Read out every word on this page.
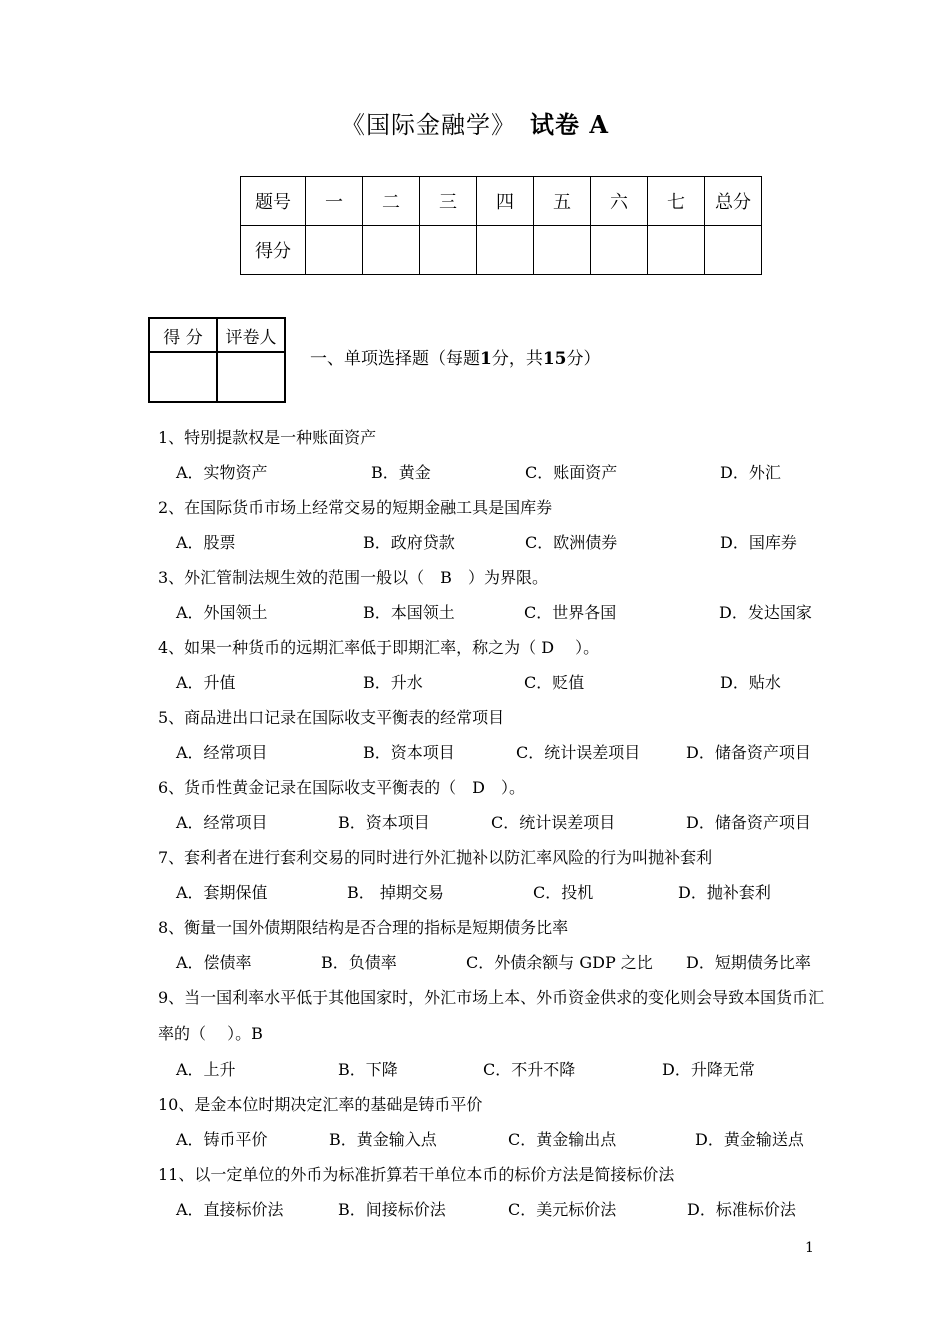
《国际金融学》 试卷 A
题号	一	二	三	四	五	六	七	总分
得分								
得 分	评卷人

一、单项选择题（每题1分，共15分）
1、特别提款权是一种账面资产
A．实物资产	B．黄金	C．账面资产	D．外汇
2、在国际货币市场上经常交易的短期金融工具是国库券
A．股票	B．政府贷款	C．欧洲债券	D．国库券
3、外汇管制法规生效的范围一般以（　B　）为界限。
A．外国领土	B．本国领土	C．世界各国	D．发达国家
4、如果一种货币的远期汇率低于即期汇率，称之为（ D　 ）。
A．升值	B．升水	C．贬值	D．贴水
5、商品进出口记录在国际收支平衡表的经常项目
A．经常项目	B．资本项目	C．统计误差项目	D．储备资产项目
6、货币性黄金记录在国际收支平衡表的（　D　）。
A．经常项目	B．资本项目	C．统计误差项目	D．储备资产项目
7、套利者在进行套利交易的同时进行外汇抛补以防汇率风险的行为叫抛补套利
A．套期保值	B． 掉期交易	C．投机	D．抛补套利
8、衡量一国外债期限结构是否合理的指标是短期债务比率
A．偿债率	B．负债率	C．外债余额与 GDP 之比 D．短期债务比率
9、当一国利率水平低于其他国家时，外汇市场上本、外币资金供求的变化则会导致本国货币汇率的（　 ）。B
A．上升	B．下降	C．不升不降	D．升降无常
10、是金本位时期决定汇率的基础是铸币平价
A．铸币平价	B．黄金输入点	C．黄金输出点	D．黄金输送点
11、以一定单位的外币为标准折算若干单位本币的标价方法是简接标价法
A．直接标价法	B．间接标价法	C．美元标价法	D．标准标价法
1
